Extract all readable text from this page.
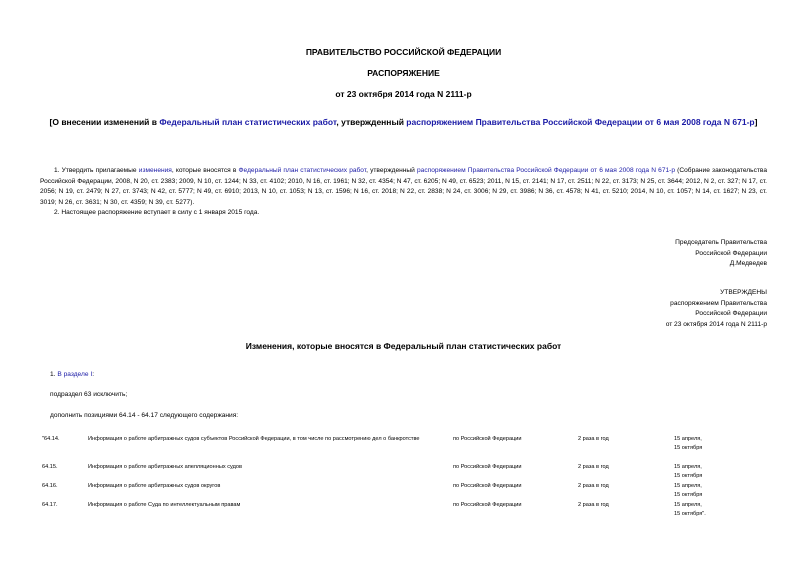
ПРАВИТЕЛЬСТВО РОССИЙСКОЙ ФЕДЕРАЦИИ
РАСПОРЯЖЕНИЕ
от 23 октября 2014 года N 2111-р
[О внесении изменений в Федеральный план статистических работ, утвержденный распоряжением Правительства Российской Федерации от 6 мая 2008 года N 671-р]
1. Утвердить прилагаемые изменения, которые вносятся в Федеральный план статистических работ, утвержденный распоряжением Правительства Российской Федерации от 6 мая 2008 года N 671-р (Собрание законодательства Российской Федерации, 2008, N 20, ст. 2383; 2009, N 10, ст. 1244; N 33, ст. 4102; 2010, N 16, ст. 1961; N 32, ст. 4354; N 47, ст. 6205; N 49, ст. 6523; 2011, N 15, ст. 2141; N 17, ст. 2511; N 22, ст. 3173; N 25, ст. 3644; 2012, N 2, ст. 327; N 17, ст. 2056; N 19, ст. 2479; N 27, ст. 3743; N 42, ст. 5777; N 49, ст. 6910; 2013, N 10, ст. 1053; N 13, ст. 1596; N 16, ст. 2018; N 22, ст. 2838; N 24, ст. 3006; N 29, ст. 3986; N 36, ст. 4578; N 41, ст. 5210; 2014, N 10, ст. 1057; N 14, ст. 1627; N 23, ст. 3019; N 26, ст. 3631; N 30, ст. 4359; N 39, ст. 5277).
2. Настоящее распоряжение вступает в силу с 1 января 2015 года.
Председатель Правительства
Российской Федерации
Д.Медведев
УТВЕРЖДЕНЫ
распоряжением Правительства
Российской Федерации
от 23 октября 2014 года N 2111-р
Изменения, которые вносятся в Федеральный план статистических работ
1. В разделе I:
подраздел 63 исключить;
дополнить позициями 64.14 - 64.17 следующего содержания:
"64.14.	Информация о работе арбитражных судов субъектов Российской Федерации, в том числе по рассмотрению дел о банкротстве	по Российской Федерации	2 раза в год	15 апреля,
15 октября
64.15.	Информация о работе арбитражных апелляционных судов	по Российской Федерации	2 раза в год	15 апреля,
15 октября
64.16.	Информация о работе арбитражных судов округов	по Российской Федерации	2 раза в год	15 апреля,
15 октября
64.17.	Информация о работе Суда по интеллектуальным правам	по Российской Федерации	2 раза в год	15 апреля,
15 октября".
